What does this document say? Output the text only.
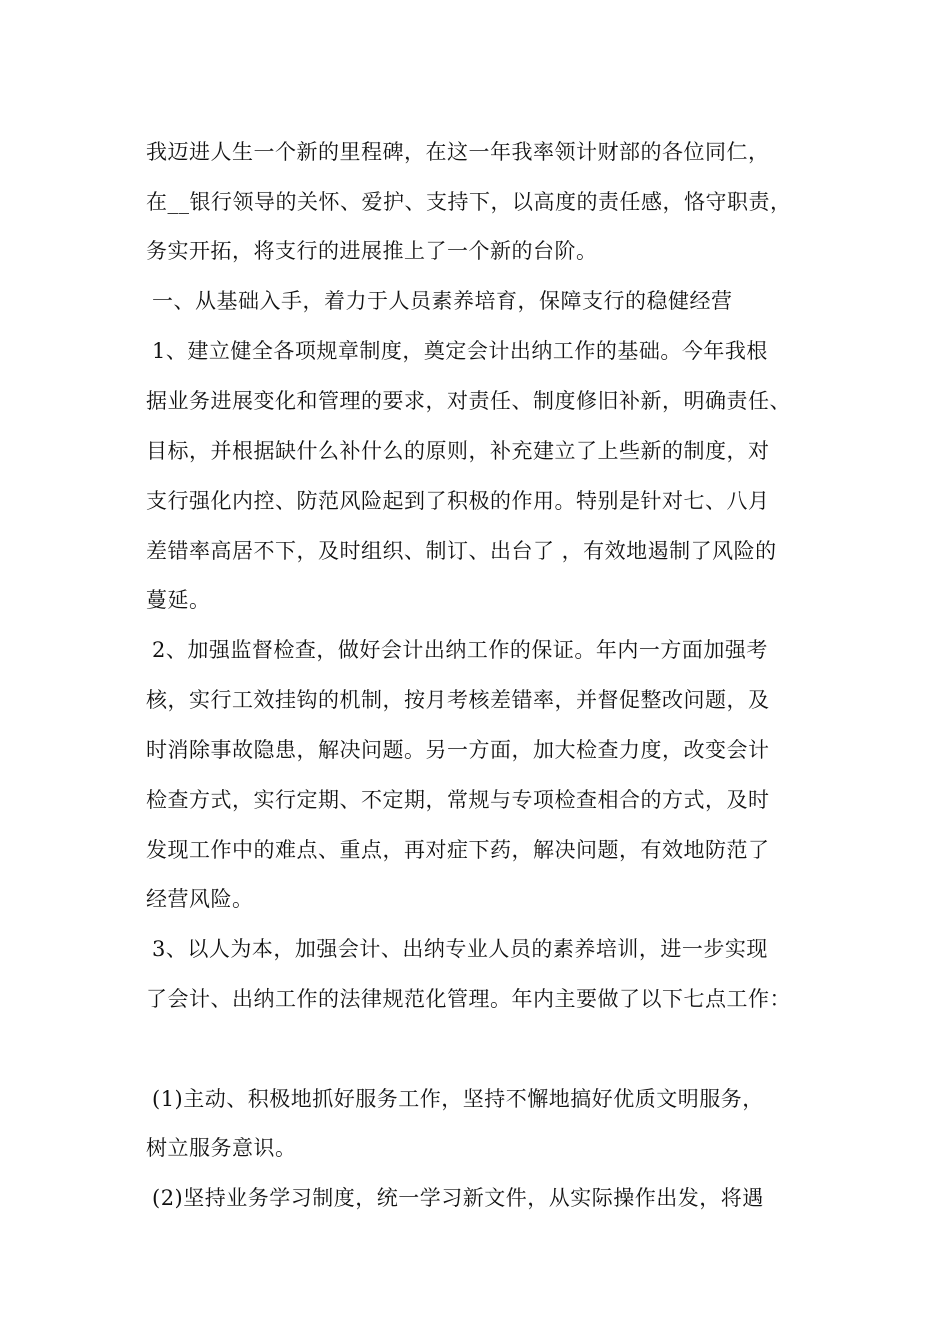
我迈进人生一个新的里程碑，在这一年我率领计财部的各位同仁，
在__银行领导的关怀、爱护、支持下，以高度的责任感，恪守职责，
务实开拓，将支行的进展推上了一个新的台阶。
一、从基础入手，着力于人员素养培育，保障支行的稳健经营
1、建立健全各项规章制度，奠定会计出纳工作的基础。今年我根
据业务进展变化和管理的要求，对责任、制度修旧补新，明确责任、
目标，并根据缺什么补什么的原则，补充建立了上些新的制度，对
支行强化内控、防范风险起到了积极的作用。特别是针对七、八月
差错率高居不下，及时组织、制订、出台了 ，有效地遏制了风险的
蔓延。
2、加强监督检查，做好会计出纳工作的保证。年内一方面加强考
核，实行工效挂钩的机制，按月考核差错率，并督促整改问题，及
时消除事故隐患，解决问题。另一方面，加大检查力度，改变会计
检查方式，实行定期、不定期，常规与专项检查相合的方式，及时
发现工作中的难点、重点，再对症下药，解决问题，有效地防范了
经营风险。
3、以人为本，加强会计、出纳专业人员的素养培训，进一步实现
了会计、出纳工作的法律规范化管理。年内主要做了以下七点工作：
(1)主动、积极地抓好服务工作，坚持不懈地搞好优质文明服务，
树立服务意识。
(2)坚持业务学习制度，统一学习新文件，从实际操作出发，将遇
